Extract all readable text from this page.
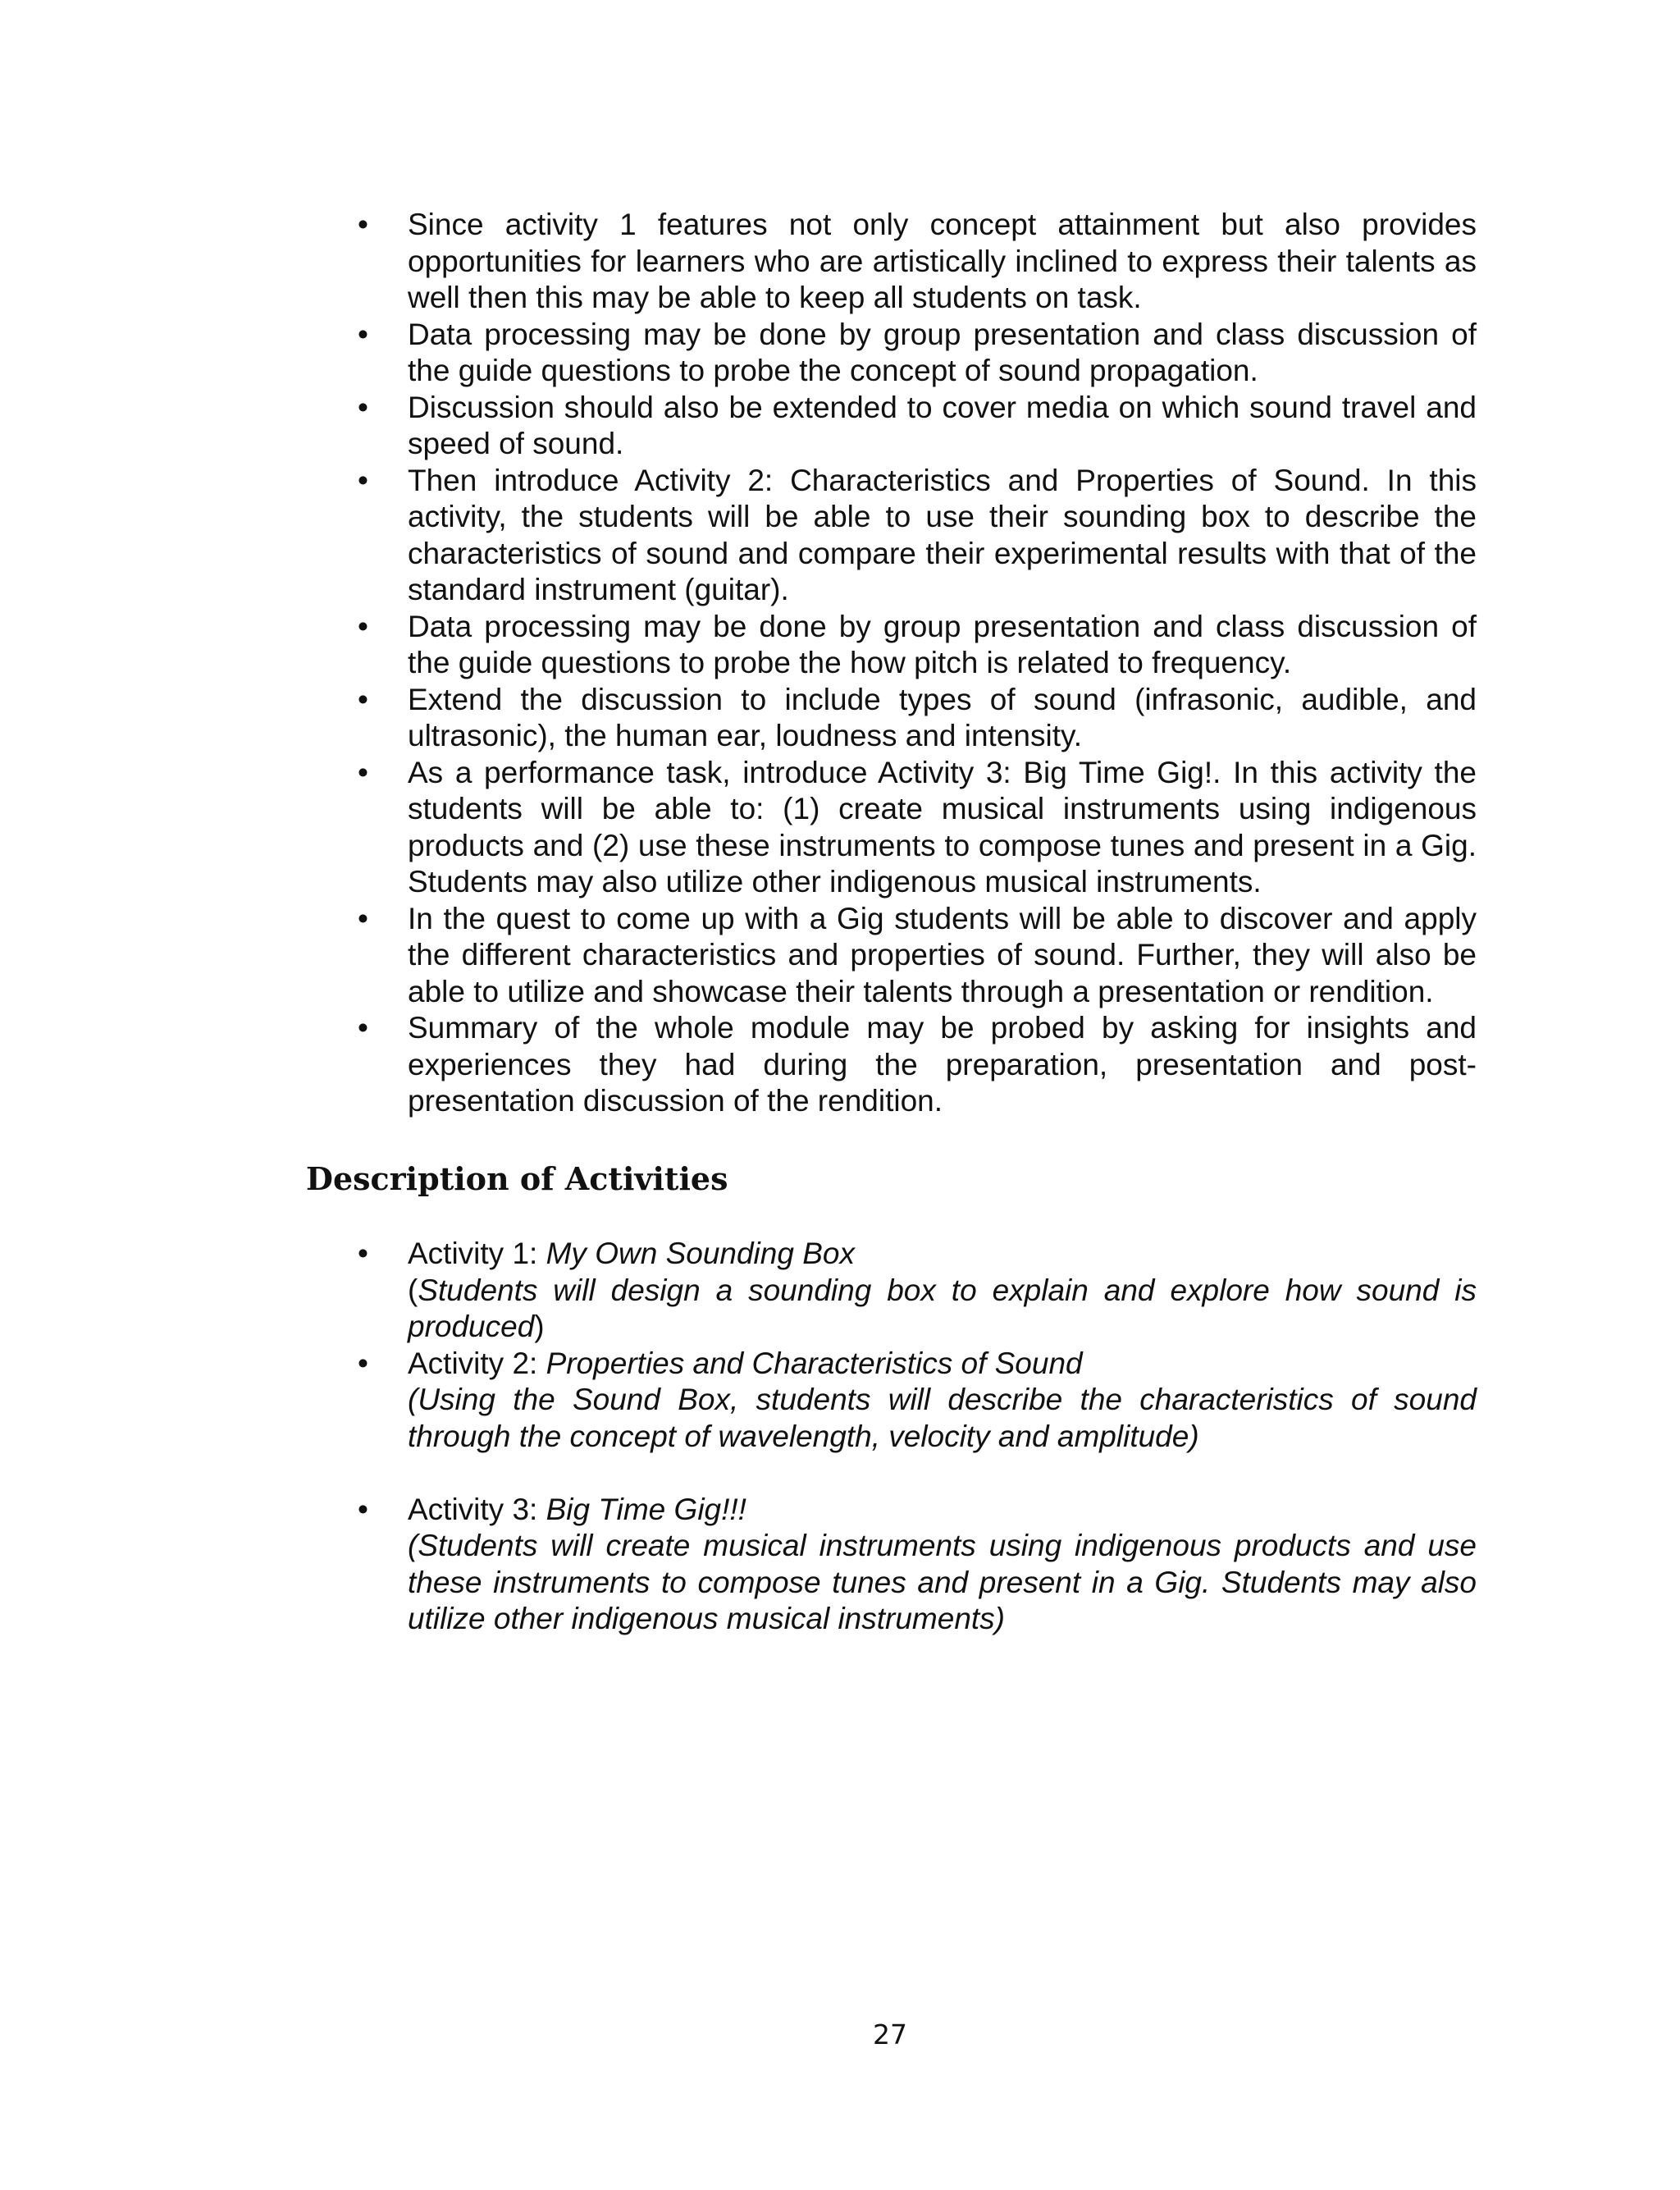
• Since activity 1 features not only concept attainment but also provides opportunities for learners who are artistically inclined to express their talents as well then this may be able to keep all students on task.
• Data processing may be done by group presentation and class discussion of the guide questions to probe the concept of sound propagation.
• Discussion should also be extended to cover media on which sound travel and speed of sound.
• Then introduce Activity 2: Characteristics and Properties of Sound. In this activity, the students will be able to use their sounding box to describe the characteristics of sound and compare their experimental results with that of the standard instrument (guitar).
• Data processing may be done by group presentation and class discussion of the guide questions to probe the how pitch is related to frequency.
• Extend the discussion to include types of sound (infrasonic, audible, and ultrasonic), the human ear, loudness and intensity.
• As a performance task, introduce Activity 3: Big Time Gig!. In this activity the students will be able to: (1) create musical instruments using indigenous products and (2) use these instruments to compose tunes and present in a Gig. Students may also utilize other indigenous musical instruments.
• In the quest to come up with a Gig students will be able to discover and apply the different characteristics and properties of sound. Further, they will also be able to utilize and showcase their talents through a presentation or rendition.
• Summary of the whole module may be probed by asking for insights and experiences they had during the preparation, presentation and post-presentation discussion of the rendition.
Description of Activities
• Activity 1: My Own Sounding Box
(Students will design a sounding box to explain and explore how sound is produced)
• Activity 2: Properties and Characteristics of Sound
(Using the Sound Box, students will describe the characteristics of sound through the concept of wavelength, velocity and amplitude)
• Activity 3: Big Time Gig!!!
(Students will create musical instruments using indigenous products and use these instruments to compose tunes and present in a Gig. Students may also utilize other indigenous musical instruments)
27
